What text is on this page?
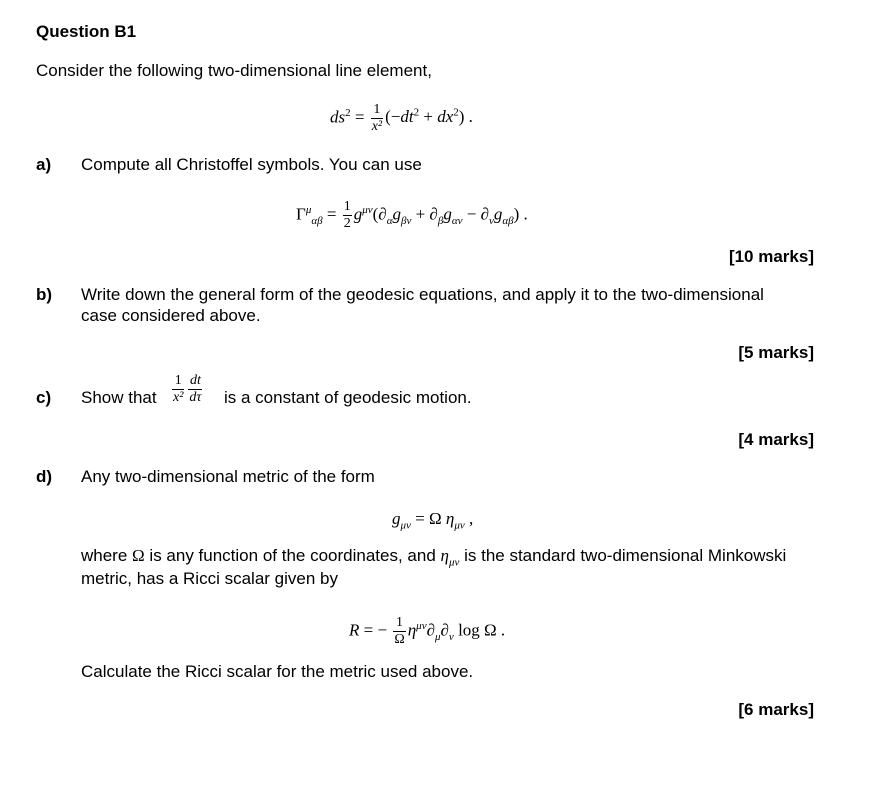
Question B1
Consider the following two-dimensional line element,
$ds^2 = \frac{1}{\text{x²}} (-dt^2 + dx^2)$ .
a) Compute all Christoffel symbols. You can use
$\Gamma^\mu_{\alpha\beta} = \frac{1}{2} g^{\mu\nu}(\partial_\alpha g_{\beta\nu} + \partial_\beta g_{\alpha\nu} - \partial_\nu g_{\alpha\beta})$ .
[10 marks]
b) Write down the general form of the geodesic equations, and apply it to the two-dimensional
case considered above.
[5 marks]
c) Show that $\frac{1}{\text{x²}} \frac{dt}{d\tau}$ is a constant of geodesic motion.
[4 marks]
d) Any two-dimensional metric of the form
$g_{\mu\nu} = \Omega$ $\eta_{\mu\nu}$ ,
where Ω is any function of the coordinates, and $\eta_{\mu\nu}$ is the standard two-dimensional Minkowski
metric, has a Ricci scalar given by
R = − $\frac{1}{\Omega} \eta^{\mu\nu}\partial_\mu\partial_\nu$ log Ω .
Calculate the Ricci scalar for the metric used above.
[6 marks]
